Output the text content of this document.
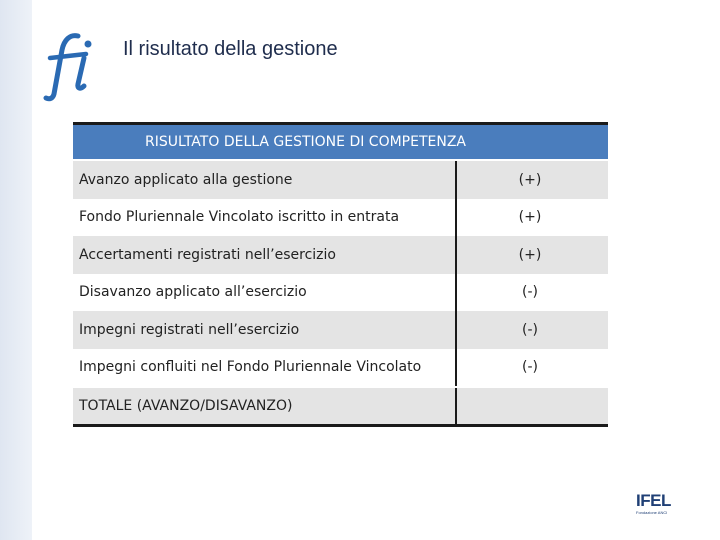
Il risultato della gestione
RISULTATO DELLA GESTIONE DI COMPETENZA
Avanzo applicato alla gestione	(+)
Fondo Pluriennale Vincolato iscritto in entrata	(+)
Accertamenti registrati nell’esercizio	(+)
Disavanzo applicato all’esercizio	(-)
Impegni registrati nell’esercizio	(-)
Impegni confluiti nel Fondo Pluriennale Vincolato	(-)
TOTALE (AVANZO/DISAVANZO)
IFEL
Fondazione ANCI
